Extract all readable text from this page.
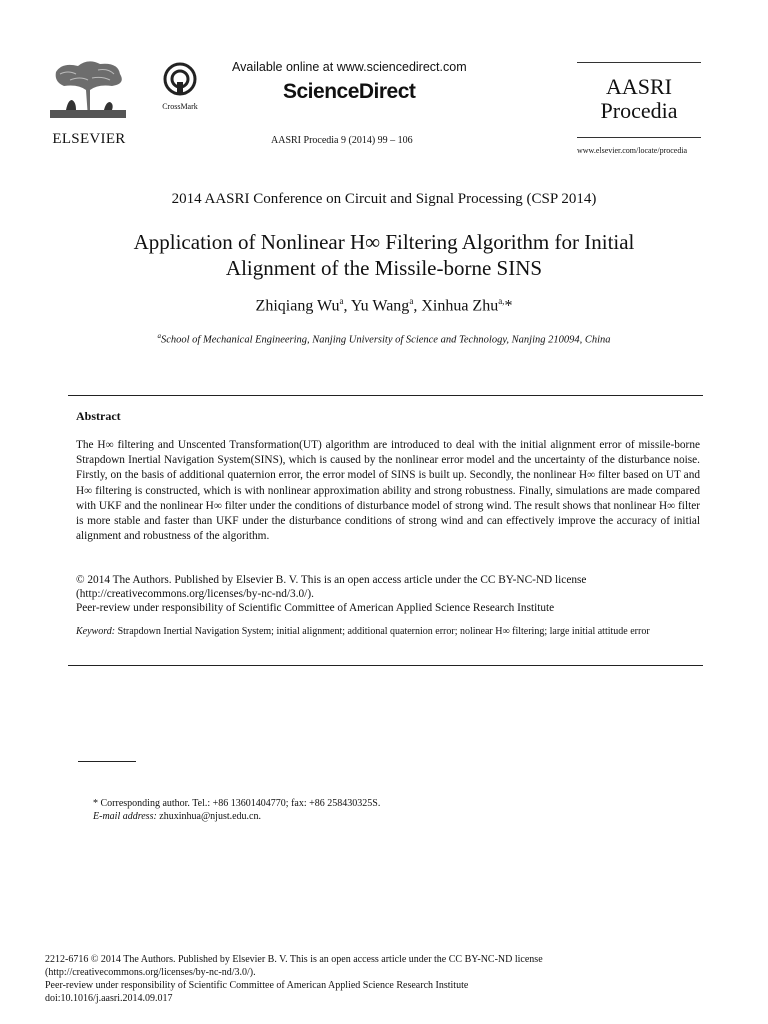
ELSEVIER
CrossMark
Available online at www.sciencedirect.com
ScienceDirect
AASRI Procedia 9 (2014) 99 – 106
AASRI
Procedia
www.elsevier.com/locate/procedia
2014 AASRI Conference on Circuit and Signal Processing (CSP 2014)
Application of Nonlinear H∞ Filtering Algorithm for Initial
Alignment of the Missile-borne SINS
Zhiqiang Wu$^a$, Yu Wang$^a$, Xinhua Zhu$^{a,}$*
$^a$School of Mechanical Engineering, Nanjing University of Science and Technology, Nanjing 210094, China
Abstract
The H∞ filtering and Unscented Transformation(UT) algorithm are introduced to deal with the initial alignment error of missile-borne Strapdown Inertial Navigation System(SINS), which is caused by the nonlinear error model and the uncertainty of the disturbance noise. Firstly, on the basis of additional quaternion error, the error model of SINS is built up. Secondly, the nonlinear H∞ filter based on UT and H∞ filtering is constructed, which is with nonlinear approximation ability and strong robustness. Finally, simulations are made compared with UKF and the nonlinear H∞ filter under the conditions of disturbance model of strong wind. The result shows that nonlinear H∞ filter is more stable and faster than UKF under the disturbance conditions of strong wind and can effectively improve the accuracy of initial alignment and robustness of the algorithm.
© 2014 The Authors. Published by Elsevier B. V. This is an open access article under the CC BY-NC-ND license
(http://creativecommons.org/licenses/by-nc-nd/3.0/).
Peer-review under responsibility of Scientific Committee of American Applied Science Research Institute
Keyword: Strapdown Inertial Navigation System; initial alignment; additional quaternion error; nolinear H∞ filtering; large initial attitude error
* Corresponding author. Tel.: +86 13601404770; fax: +86 258430325S.
E-mail address: zhuxinhua@njust.edu.cn.
2212-6716 © 2014 The Authors. Published by Elsevier B. V. This is an open access article under the CC BY-NC-ND license
(http://creativecommons.org/licenses/by-nc-nd/3.0/).
Peer-review under responsibility of Scientific Committee of American Applied Science Research Institute
doi:10.1016/j.aasri.2014.09.017
